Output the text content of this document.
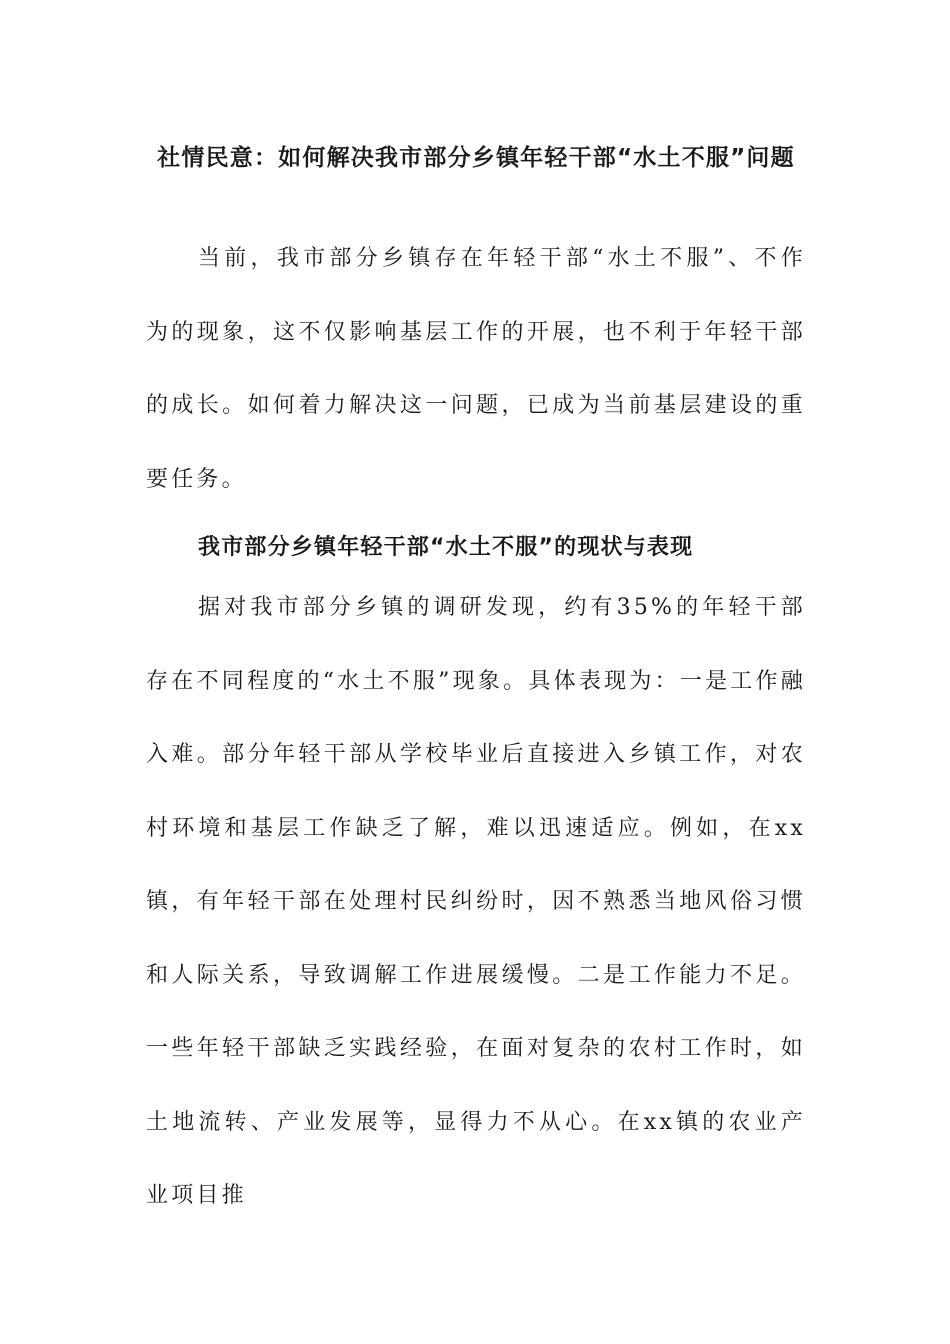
社情民意：如何解决我市部分乡镇年轻干部“水土不服”问题

当前，我市部分乡镇存在年轻干部“水土不服”、不作为的现象，这不仅影响基层工作的开展，也不利于年轻干部的成长。如何着力解决这一问题，已成为当前基层建设的重要任务。

我市部分乡镇年轻干部“水土不服”的现状与表现

据对我市部分乡镇的调研发现，约有35%的年轻干部存在不同程度的“水土不服”现象。具体表现为：一是工作融入难。部分年轻干部从学校毕业后直接进入乡镇工作，对农村环境和基层工作缺乏了解，难以迅速适应。例如，在xx镇，有年轻干部在处理村民纠纷时，因不熟悉当地风俗习惯和人际关系，导致调解工作进展缓慢。二是工作能力不足。一些年轻干部缺乏实践经验，在面对复杂的农村工作时，如土地流转、产业发展等，显得力不从心。在xx镇的农业产业项目推
